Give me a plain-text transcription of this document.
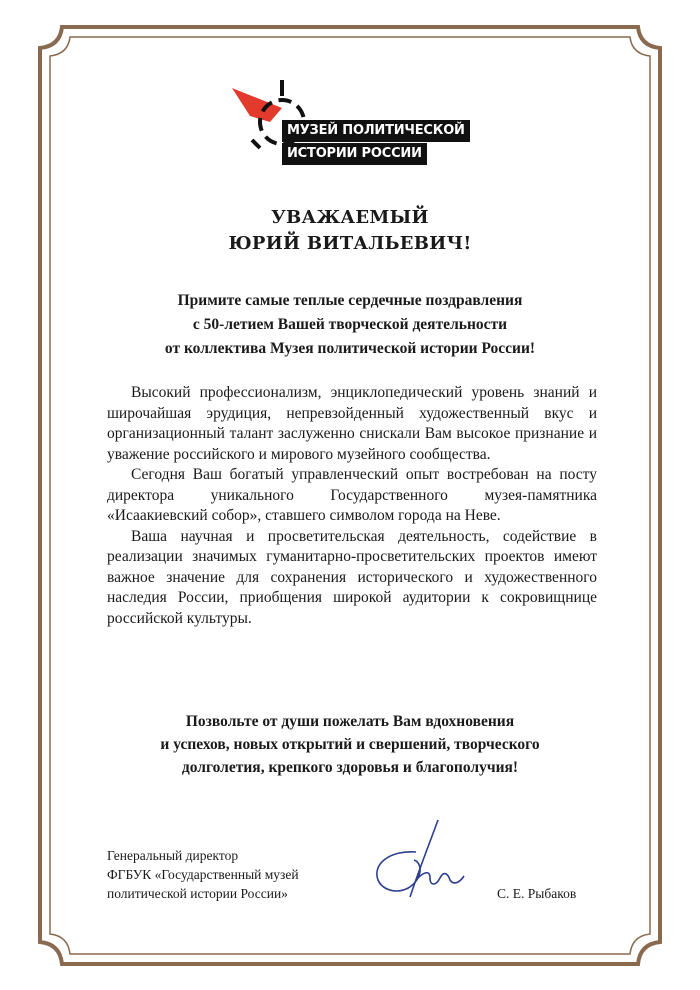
МУЗЕЙ ПОЛИТИЧЕСКОЙ
ИСТОРИИ РОССИИ
УВАЖАЕМЫЙ
ЮРИЙ ВИТАЛЬЕВИЧ!
Примите самые теплые сердечные поздравления
с 50-летием Вашей творческой деятельности
от коллектива Музея политической истории России!

Высокий профессионализм, энциклопедический уровень знаний и широчайшая эрудиция, непревзойденный художественный вкус и организационный талант заслуженно снискали Вам высокое признание и уважение российского и мирового музейного сообщества.

Сегодня Ваш богатый управленческий опыт востребован на посту директора уникального Государственного музея-памятника «Исаакиевский собор», ставшего символом города на Неве.

Ваша научная и просветительская деятельность, содействие в реализации значимых гуманитарно-просветительских проектов имеют важное значение для сохранения исторического и художественного наследия России, приобщения широкой аудитории к сокровищнице российской культуры.

Позвольте от души пожелать Вам вдохновения
и успехов, новых открытий и свершений, творческого
долголетия, крепкого здоровья и благополучия!
Генеральный директор
ФГБУК «Государственный музей
политической истории России»	С. Е. Рыбаков
